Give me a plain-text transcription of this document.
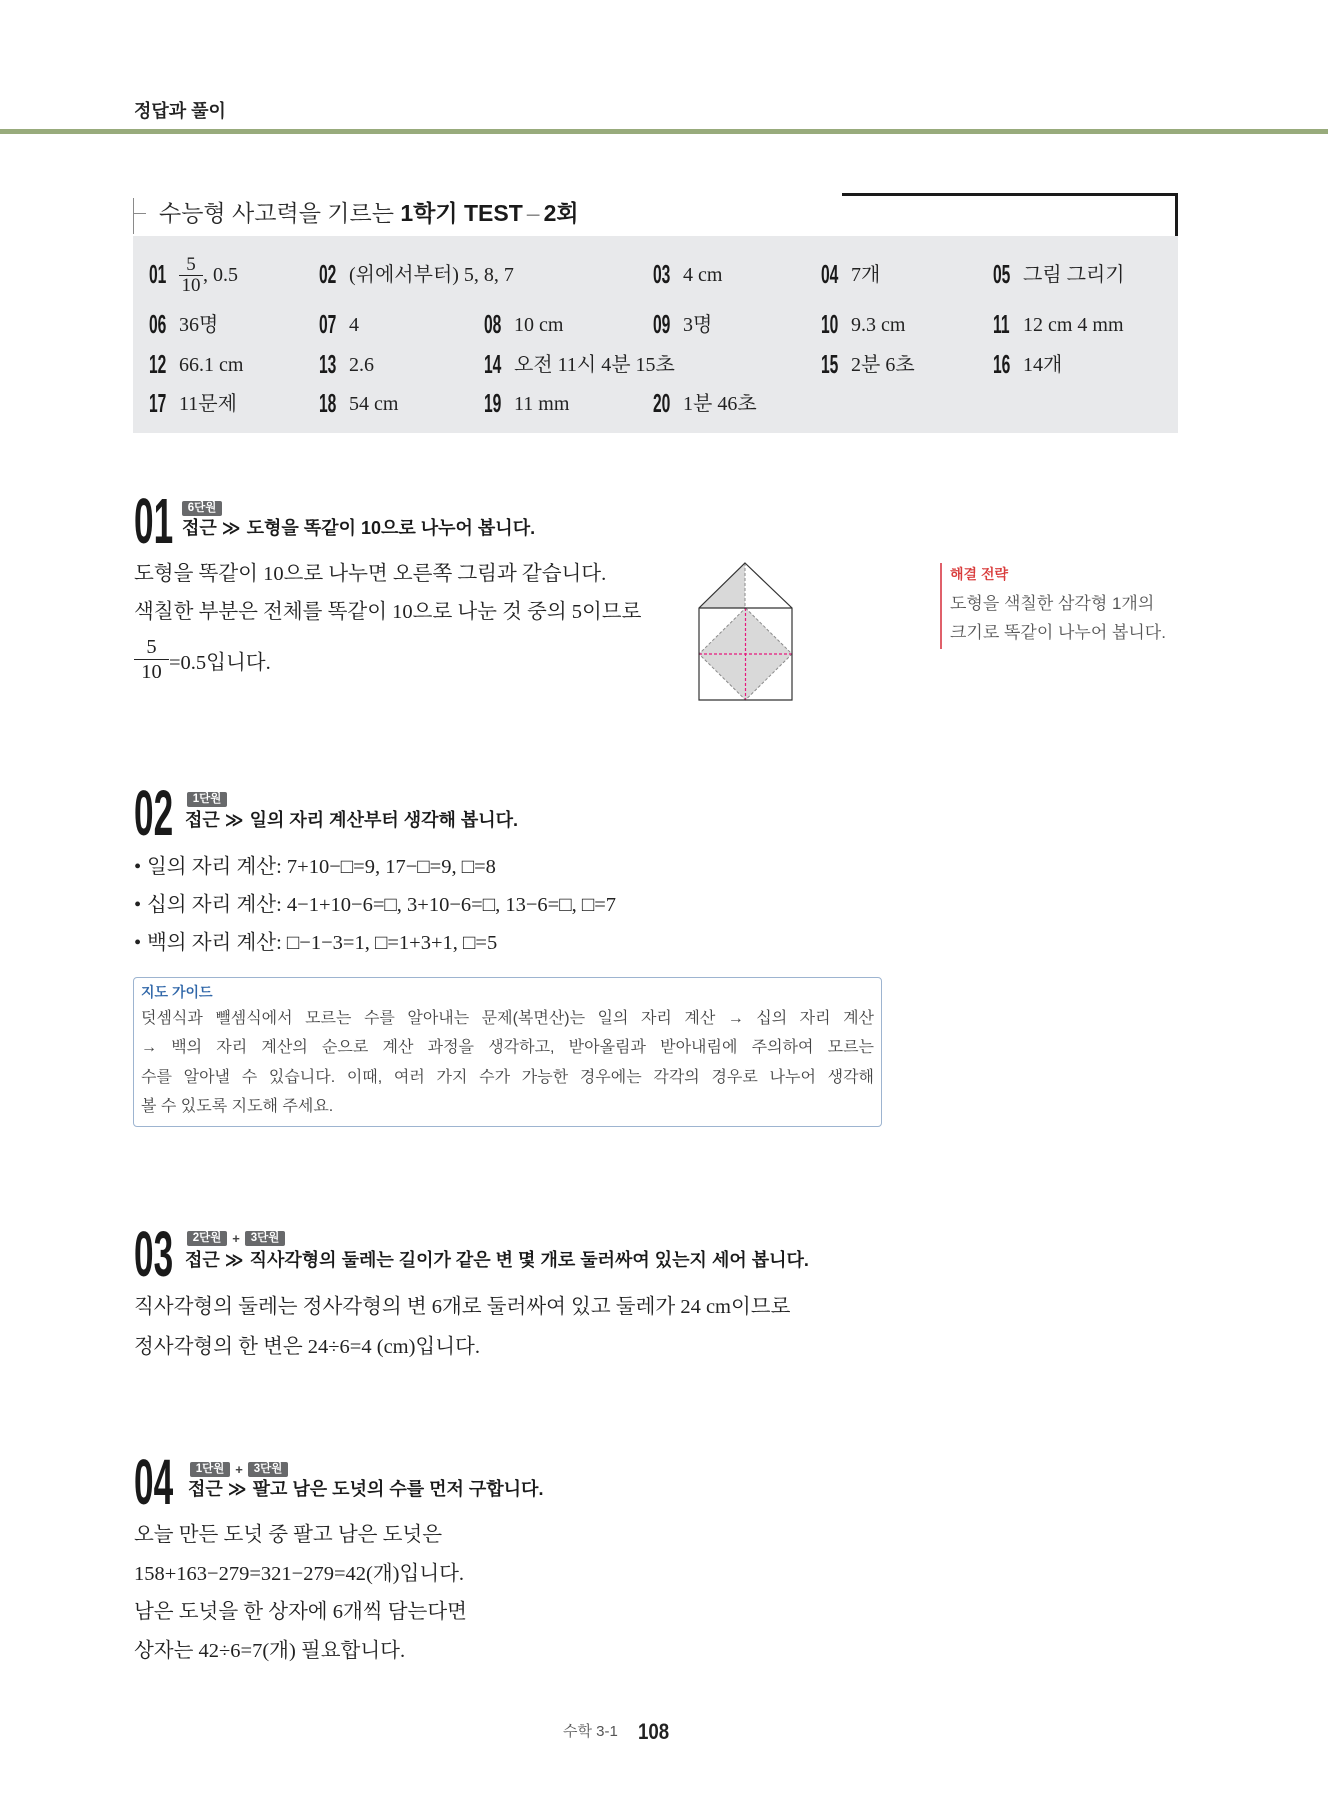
정답과 풀이
수능형 사고력을 기르는 1학기 TEST – 2회
$01 \frac{5}{10}$ , 0.5	02 (위에서부터) 5, 8, 7	03 4 cm	04 7개	05 그림 그리기
06 36명	07 4	08 10 cm	09 3명	10 9.3 cm	11 12 cm 4 mm
12 66.1 cm	13 2.6	14 오전 11시 4분 15초	15 2분 6초	16 14개
17 11문제	18 54 cm	19 11 mm	20 1분 46초
01	6단원
접근 ≫ 도형을 똑같이 10으로 나누어 봅니다.
도형을 똑같이 10으로 나누면 오른쪽 그림과 같습니다.
색칠한 부분은 전체를 똑같이 10으로 나눈 것 중의 5이므로
$\frac{5}{10} =0.5$입니다.
해결 전략
도형을 색칠한 삼각형 1개의
크기로 똑같이 나누어 봅니다.
02	1단원
접근 ≫ 일의 자리 계산부터 생각해 봅니다.
• 일의 자리 계산: 7+10−□=9, 17−□=9, □=8
• 십의 자리 계산: 4−1+10−6=□, 3+10−6=□, 13−6=□, □=7
• 백의 자리 계산: □−1−3=1, □=1+3+1, □=5
지도 가이드
덧셈식과 뺄셈식에서 모르는 수를 알아내는 문제(복면산)는 일의 자리 계산 → 십의 자리 계산
→ 백의 자리 계산의 순으로 계산 과정을 생각하고, 받아올림과 받아내림에 주의하여 모르는
수를 알아낼 수 있습니다. 이때, 여러 가지 수가 가능한 경우에는 각각의 경우로 나누어 생각해
볼 수 있도록 지도해 주세요.
03	2단원 + 3단원
접근 ≫ 직사각형의 둘레는 길이가 같은 변 몇 개로 둘러싸여 있는지 세어 봅니다.
직사각형의 둘레는 정사각형의 변 6개로 둘러싸여 있고 둘레가 24 cm이므로
정사각형의 한 변은 24÷6=4 (cm)입니다.
04	1단원 + 3단원
접근 ≫ 팔고 남은 도넛의 수를 먼저 구합니다.
오늘 만든 도넛 중 팔고 남은 도넛은
158+163−279=321−279=42(개)입니다.
남은 도넛을 한 상자에 6개씩 담는다면
상자는 42÷6=7(개) 필요합니다.
수학 3-1 108
